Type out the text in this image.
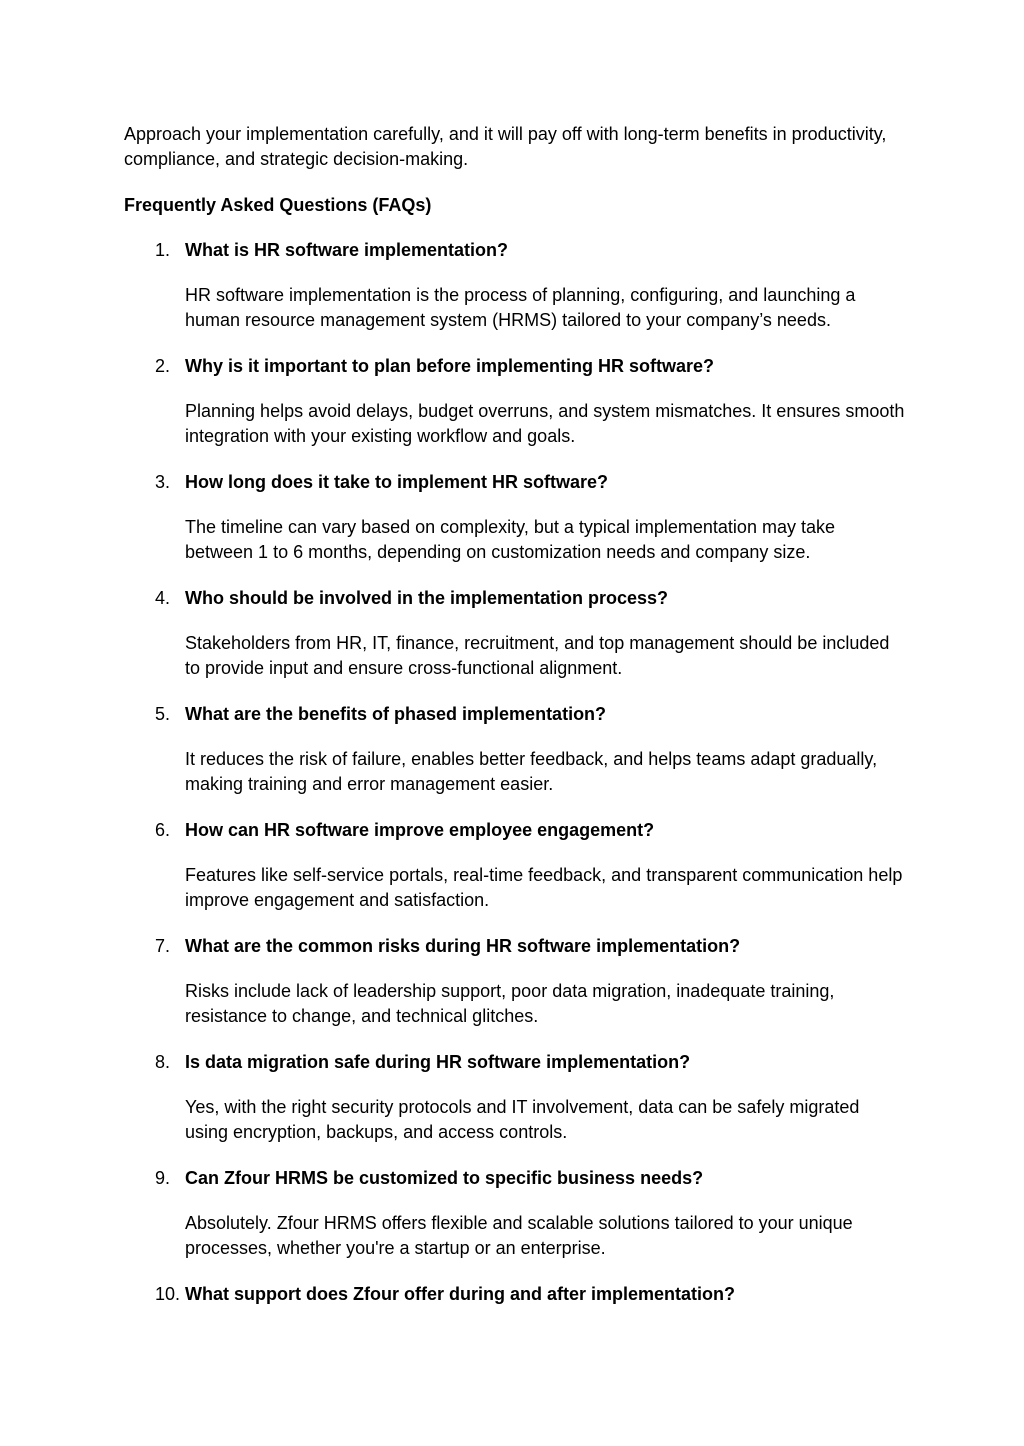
Approach your implementation carefully, and it will pay off with long-term benefits in productivity, compliance, and strategic decision-making.

Frequently Asked Questions (FAQs)

1. What is HR software implementation?

HR software implementation is the process of planning, configuring, and launching a human resource management system (HRMS) tailored to your company’s needs.

2. Why is it important to plan before implementing HR software?

Planning helps avoid delays, budget overruns, and system mismatches. It ensures smooth integration with your existing workflow and goals.

3. How long does it take to implement HR software?

The timeline can vary based on complexity, but a typical implementation may take between 1 to 6 months, depending on customization needs and company size.

4. Who should be involved in the implementation process?

Stakeholders from HR, IT, finance, recruitment, and top management should be included to provide input and ensure cross-functional alignment.

5. What are the benefits of phased implementation?

It reduces the risk of failure, enables better feedback, and helps teams adapt gradually, making training and error management easier.

6. How can HR software improve employee engagement?

Features like self-service portals, real-time feedback, and transparent communication help improve engagement and satisfaction.

7. What are the common risks during HR software implementation?

Risks include lack of leadership support, poor data migration, inadequate training, resistance to change, and technical glitches.

8. Is data migration safe during HR software implementation?

Yes, with the right security protocols and IT involvement, data can be safely migrated using encryption, backups, and access controls.

9. Can Zfour HRMS be customized to specific business needs?

Absolutely. Zfour HRMS offers flexible and scalable solutions tailored to your unique processes, whether you're a startup or an enterprise.

10. What support does Zfour offer during and after implementation?
